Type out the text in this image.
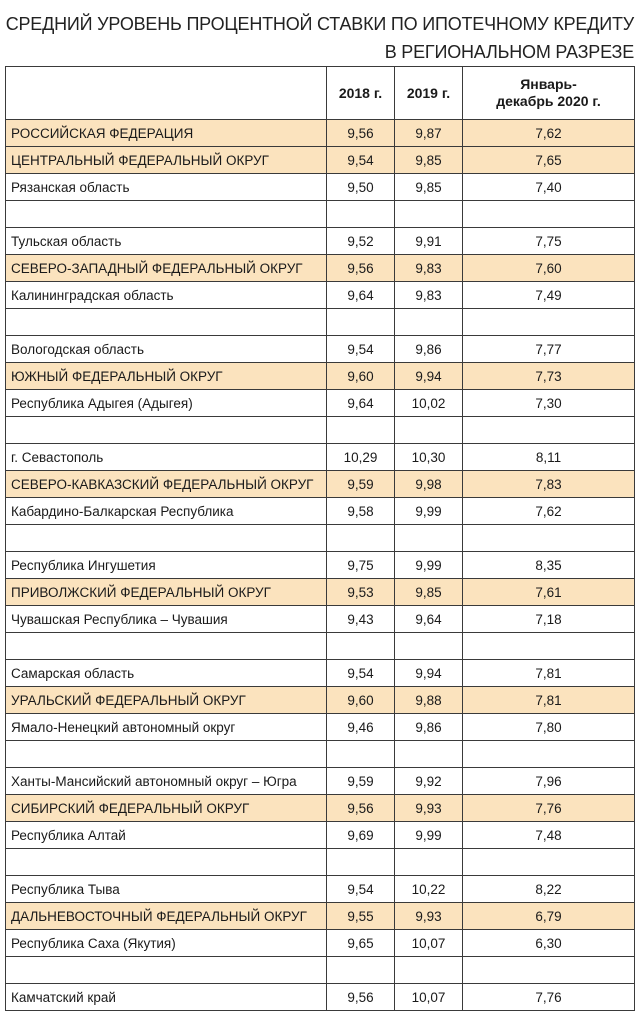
СРЕДНИЙ УРОВЕНЬ ПРОЦЕНТНОЙ СТАВКИ ПО ИПОТЕЧНОМУ КРЕДИТУ
В РЕГИОНАЛЬНОМ РАЗРЕЗЕ
	2018 г.	2019 г.	Январь-декабрь 2020 г.

РОССИЙСКАЯ ФЕДЕРАЦИЯ	9,56	9,87	7,62
ЦЕНТРАЛЬНЫЙ ФЕДЕРАЛЬНЫЙ ОКРУГ	9,54	9,85	7,65
Рязанская область	9,50	9,85	7,40

Тульская область	9,52	9,91	7,75
СЕВЕРО-ЗАПАДНЫЙ ФЕДЕРАЛЬНЫЙ ОКРУГ	9,56	9,83	7,60
Калининградская область	9,64	9,83	7,49

Вологодская область	9,54	9,86	7,77
ЮЖНЫЙ ФЕДЕРАЛЬНЫЙ ОКРУГ	9,60	9,94	7,73
Республика Адыгея (Адыгея)	9,64	10,02	7,30

г. Севастополь	10,29	10,30	8,11
СЕВЕРО-КАВКАЗСКИЙ ФЕДЕРАЛЬНЫЙ ОКРУГ	9,59	9,98	7,83
Кабардино-Балкарская Республика	9,58	9,99	7,62

Республика Ингушетия	9,75	9,99	8,35
ПРИВОЛЖСКИЙ ФЕДЕРАЛЬНЫЙ ОКРУГ	9,53	9,85	7,61
Чувашская Республика – Чувашия	9,43	9,64	7,18

Самарская область	9,54	9,94	7,81
УРАЛЬСКИЙ ФЕДЕРАЛЬНЫЙ ОКРУГ	9,60	9,88	7,81
Ямало-Ненецкий автономный округ	9,46	9,86	7,80

Ханты-Мансийский автономный округ – Югра	9,59	9,92	7,96
СИБИРСКИЙ ФЕДЕРАЛЬНЫЙ ОКРУГ	9,56	9,93	7,76
Республика Алтай	9,69	9,99	7,48

Республика Тыва	9,54	10,22	8,22
ДАЛЬНЕВОСТОЧНЫЙ ФЕДЕРАЛЬНЫЙ ОКРУГ	9,55	9,93	6,79
Республика Саха (Якутия)	9,65	10,07	6,30

Камчатский край	9,56	10,07	7,76
